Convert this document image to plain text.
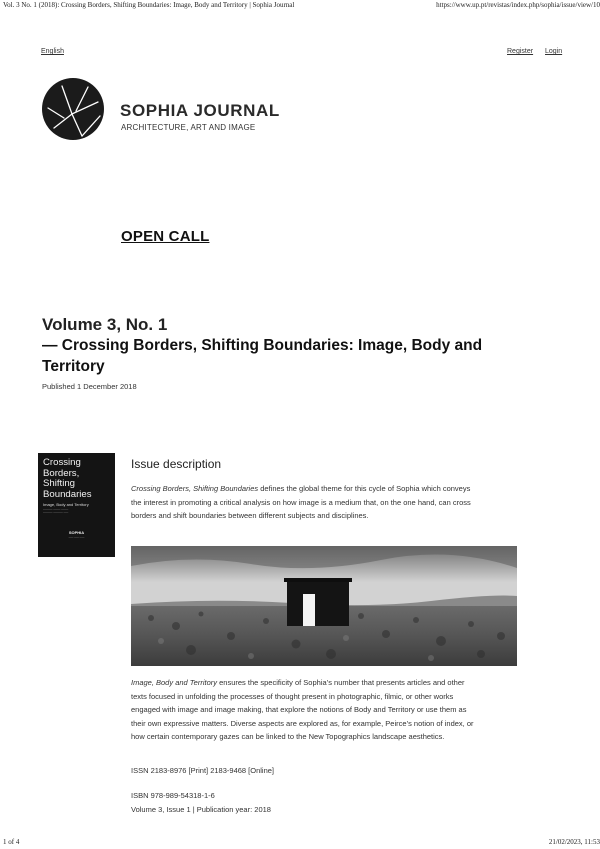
Vol. 3 No. 1 (2018): Crossing Borders, Shifting Boundaries: Image, Body and Territory | Sophia Journal	https://www.up.pt/revistas/index.php/sophia/issue/view/10
English	Register Login
SOPHIA JOURNAL
ARCHITECTURE, ART AND IMAGE
OPEN CALL
Volume 3, No. 1
— Crossing Borders, Shifting Boundaries: Image, Body and Territory
Published 1 December 2018
Crossing
Borders,
Shifting
Boundaries
Image, Body and Territory
———— ——— ———
———— ———— ——
SOPHIA
—— —— ——
Issue description

Crossing Borders, Shifting Boundaries defines the global theme for this cycle of Sophia which conveys the interest in promoting a critical analysis on how image is a medium that, on the one hand, can cross borders and shift boundaries between different subjects and disciplines.

Image, Body and Territory ensures the specificity of Sophia’s number that presents articles and other texts focused in unfolding the processes of thought present in photographic, filmic, or other works engaged with image and image making, that explore the notions of Body and Territory or use them as their own expressive matters. Diverse aspects are explored as, for example, Peirce’s notion of index, or how certain contemporary gazes can be linked to the New Topographics landscape aesthetics.

ISSN 2183-8976 [Print] 2183-9468 [Online]
ISBN 978-989-54318-1-6
Volume 3, Issue 1 | Publication year: 2018
1 of 4	21/02/2023, 11:53
